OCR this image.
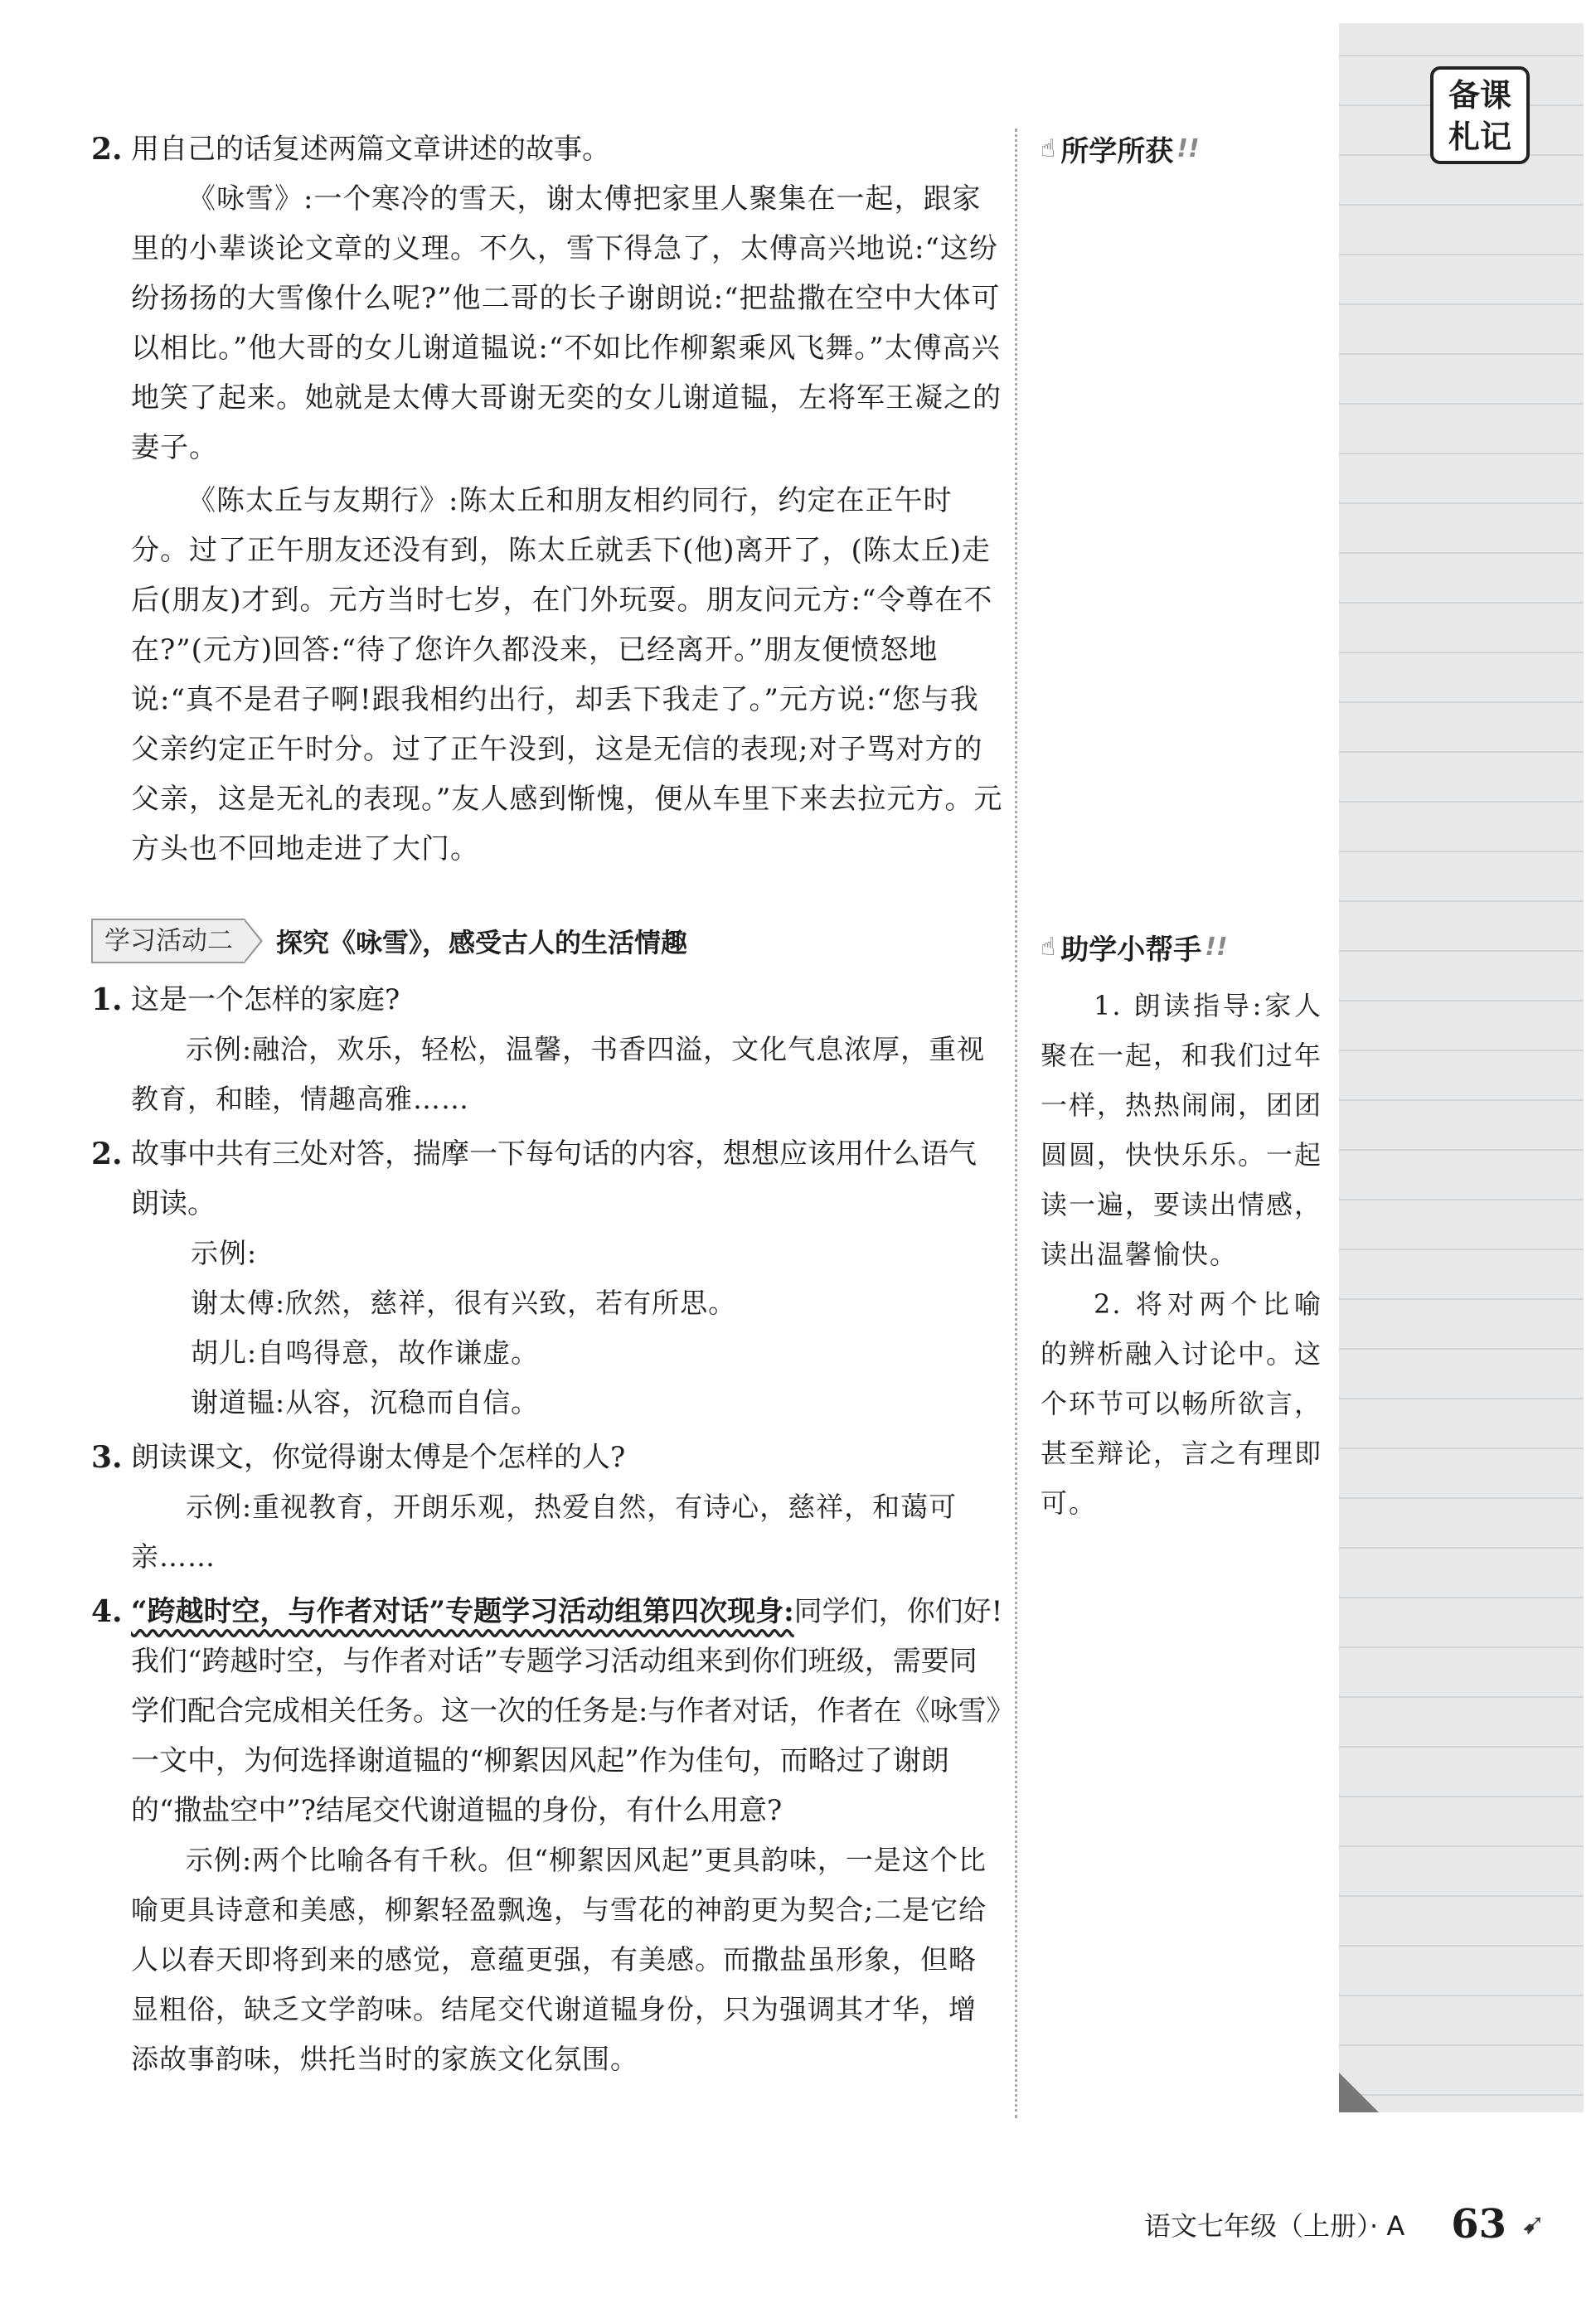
备课
札记
2. 用自己的话复述两篇文章讲述的故事。

《咏雪》:一个寒冷的雪天，谢太傅把家里人聚集在一起，跟家里的小辈谈论文章的义理。不久，雪下得急了，太傅高兴地说:“这纷纷扬扬的大雪像什么呢?”他二哥的长子谢朗说:“把盐撒在空中大体可以相比。”他大哥的女儿谢道韫说:“不如比作柳絮乘风飞舞。”太傅高兴地笑了起来。她就是太傅大哥谢无奕的女儿谢道韫，左将军王凝之的妻子。

《陈太丘与友期行》:陈太丘和朋友相约同行，约定在正午时分。过了正午朋友还没有到，陈太丘就丢下(他)离开了，(陈太丘)走后(朋友)才到。元方当时七岁，在门外玩耍。朋友问元方:“令尊在不在?”(元方)回答:“待了您许久都没来，已经离开。”朋友便愤怒地说:“真不是君子啊!跟我相约出行，却丢下我走了。”元方说:“您与我父亲约定正午时分。过了正午没到，这是无信的表现;对子骂对方的父亲，这是无礼的表现。”友人感到惭愧，便从车里下来去拉元方。元方头也不回地走进了大门。

学习活动二	探究《咏雪》，感受古人的生活情趣
1. 这是一个怎样的家庭?

示例:融洽，欢乐，轻松，温馨，书香四溢，文化气息浓厚，重视教育，和睦，情趣高雅……

2. 故事中共有三处对答，揣摩一下每句话的内容，想想应该用什么语气朗读。

示例:

谢太傅:欣然，慈祥，很有兴致，若有所思。

胡儿:自鸣得意，故作谦虚。

谢道韫:从容，沉稳而自信。

3. 朗读课文，你觉得谢太傅是个怎样的人?

示例:重视教育，开朗乐观，热爱自然，有诗心，慈祥，和蔼可亲……

4. “跨越时空，与作者对话”专题学习活动组第四次现身:同学们，你们好!我们“跨越时空，与作者对话”专题学习活动组来到你们班级，需要同学们配合完成相关任务。这一次的任务是:与作者对话，作者在《咏雪》一文中，为何选择谢道韫的“柳絮因风起”作为佳句，而略过了谢朗的“撒盐空中”?结尾交代谢道韫的身份，有什么用意?

示例:两个比喻各有千秋。但“柳絮因风起”更具韵味，一是这个比喻更具诗意和美感，柳絮轻盈飘逸，与雪花的神韵更为契合;二是它给人以春天即将到来的感觉，意蕴更强，有美感。而撒盐虽形象，但略显粗俗，缺乏文学韵味。结尾交代谢道韫身份，只为强调其才华，增添故事韵味，烘托当时的家族文化氛围。

☝ 所学所获 !!
☝ 助学小帮手 !!

1. 朗读指导:家人聚在一起，和我们过年一样，热热闹闹，团团圆圆，快快乐乐。一起读一遍，要读出情感，读出温馨愉快。

2. 将对两个比喻的辨析融入讨论中。这个环节可以畅所欲言，甚至辩论，言之有理即可。

语文七年级（上册）· A 63 ➹
